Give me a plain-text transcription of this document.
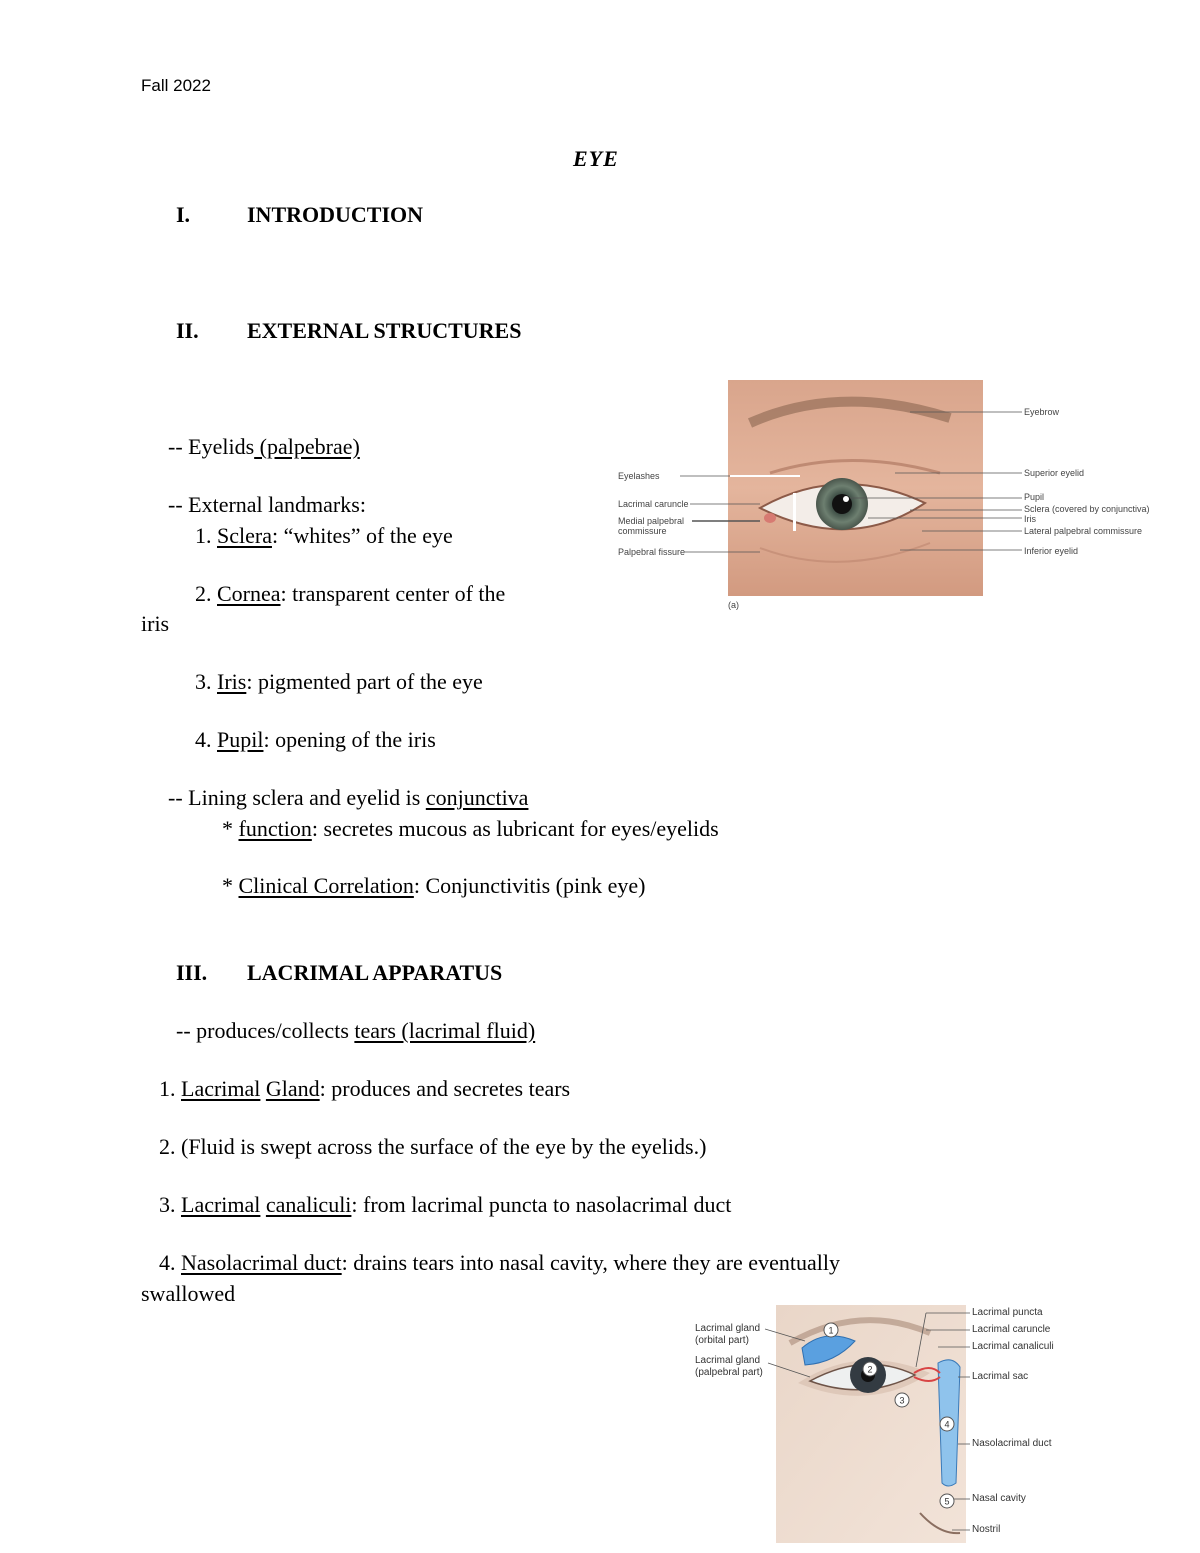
Fall 2022
EYE
I.	INTRODUCTION
II. EXTERNAL STRUCTURES
-- Eyelids (palpebrae)
-- External landmarks:
1. Sclera: “whites” of the eye
2. Cornea: transparent center of the
iris
3. Iris: pigmented part of the eye
4. Pupil: opening of the iris
-- Lining sclera and eyelid is conjunctiva
* function: secretes mucous as lubricant for eyes/eyelids
* Clinical Correlation: Conjunctivitis (pink eye)
III. LACRIMAL APPARATUS
-- produces/collects tears (lacrimal fluid)
1. Lacrimal Gland: produces and secretes tears
2. (Fluid is swept across the surface of the eye by the eyelids.)
3. Lacrimal canaliculi: from lacrimal puncta to nasolacrimal duct
4. Nasolacrimal duct: drains tears into nasal cavity, where they are eventually
swallowed
Eyelashes
Lacrimal caruncle
Medial palpebral
commissure
Palpebral fissure
Eyebrow
Superior eyelid
Pupil
Sclera (covered by conjunctiva)
Iris
Lateral palpebral commissure
Inferior eyelid
(a)
1
2
3
4
5
Lacrimal gland
(orbital part)
Lacrimal gland
(palpebral part)
Lacrimal puncta
Lacrimal caruncle
Lacrimal canaliculi
Lacrimal sac
Nasolacrimal duct
Nasal cavity
Nostril
